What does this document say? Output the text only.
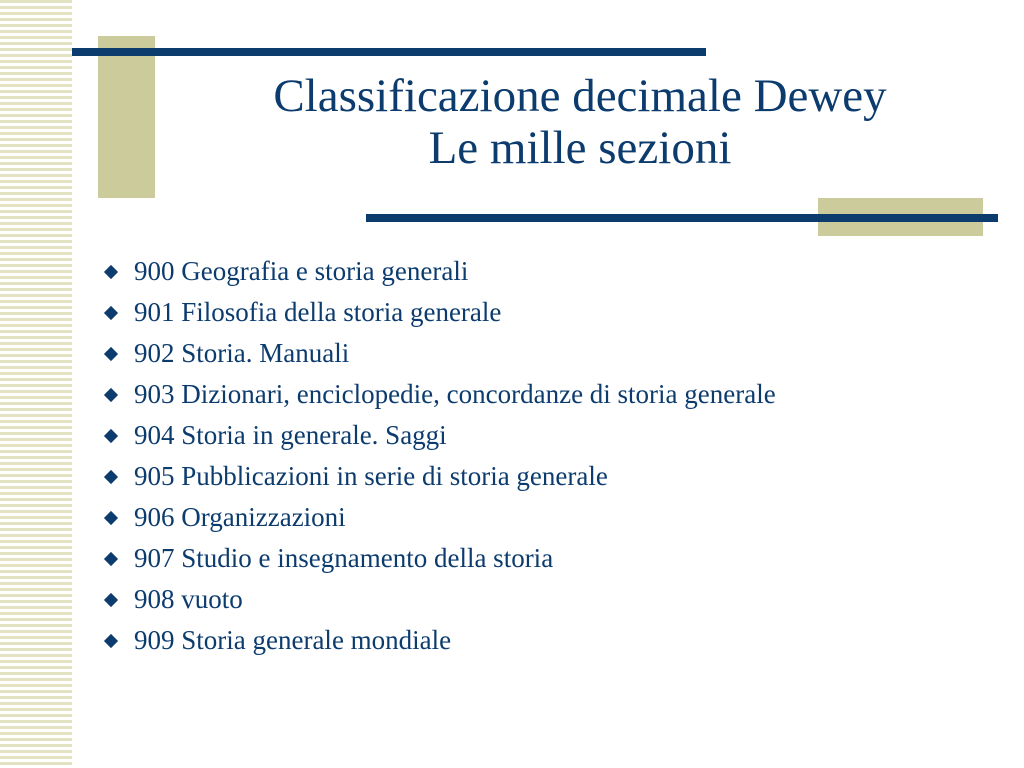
Classificazione decimale Dewey
Le mille sezioni
900 Geografia e storia generali
901 Filosofia della storia generale
902 Storia. Manuali
903 Dizionari, enciclopedie, concordanze di storia generale
904 Storia in generale. Saggi
905 Pubblicazioni in serie di storia generale
906 Organizzazioni
907 Studio e insegnamento della storia
908 vuoto
909 Storia generale mondiale
